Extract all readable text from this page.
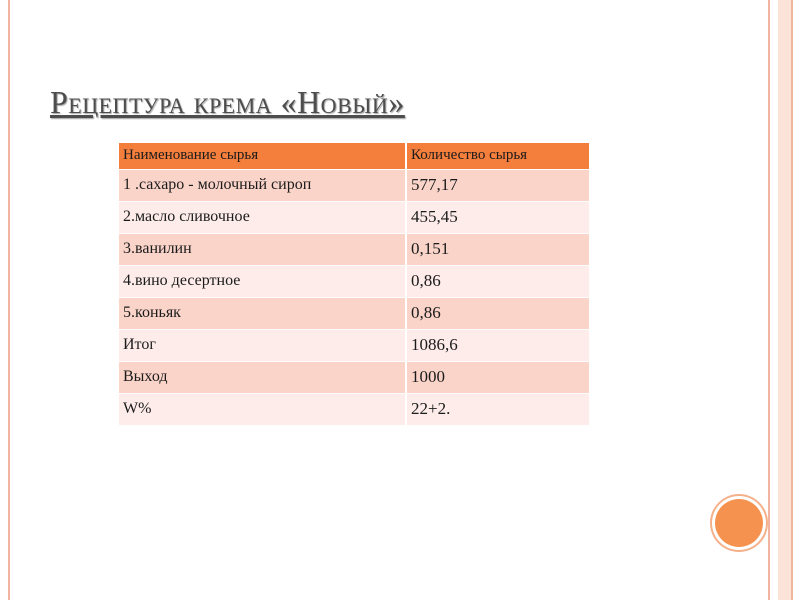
Рецептура крема «Новый»
Наименование сырья	Количество сырья
1 .сахаро - молочный сироп	577,17
2.масло сливочное	455,45
3.ванилин	0,151
4.вино десертное	0,86
5.коньяк	0,86
Итог	1086,6
Выход	1000
W%	22+2.
